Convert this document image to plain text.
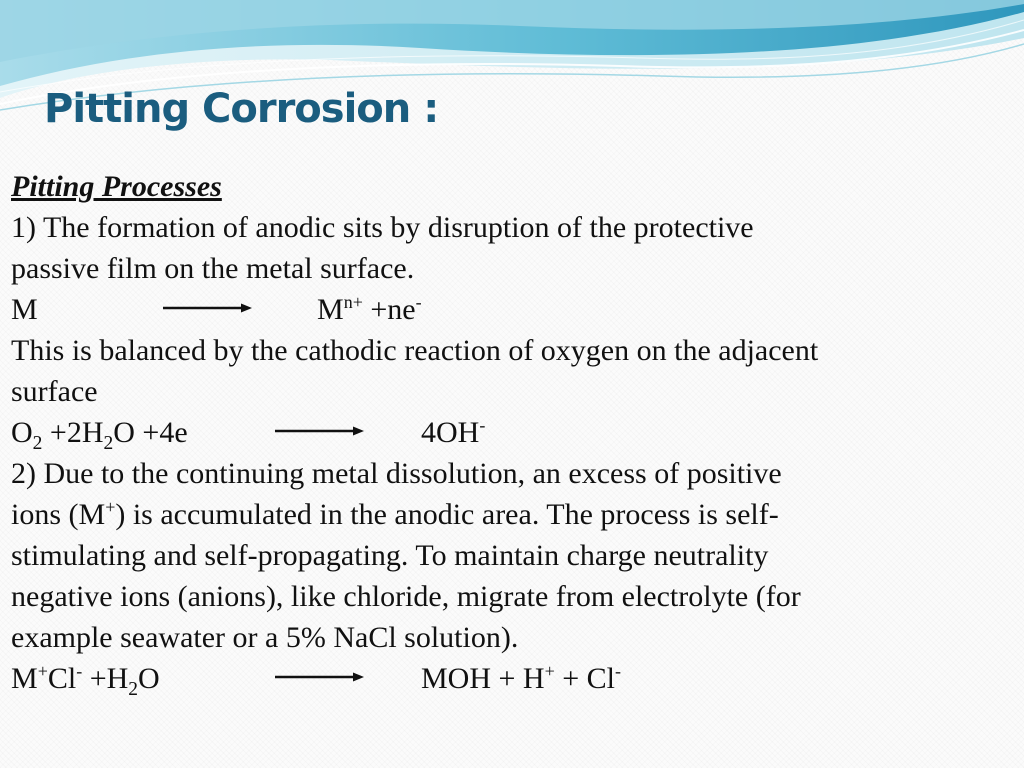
Pitting Corrosion :
Pitting Processes
1) The formation of anodic sits by disruption of the protective
passive film on the metal surface.
M	$M^{n+} +ne^-$
This is balanced by the cathodic reaction of oxygen on the adjacent
surface
$O_2 +2H_2O +4e$	4OH-
2) Due to the continuing metal dissolution, an excess of positive
ions (M+) is accumulated in the anodic area. The process is self-
stimulating and self-propagating. To maintain charge neutrality
negative ions (anions), like chloride, migrate from electrolyte (for
example seawater or a 5% NaCl solution).
$M^+Cl^- +H_2O$	MOH + H+ + Cl-
